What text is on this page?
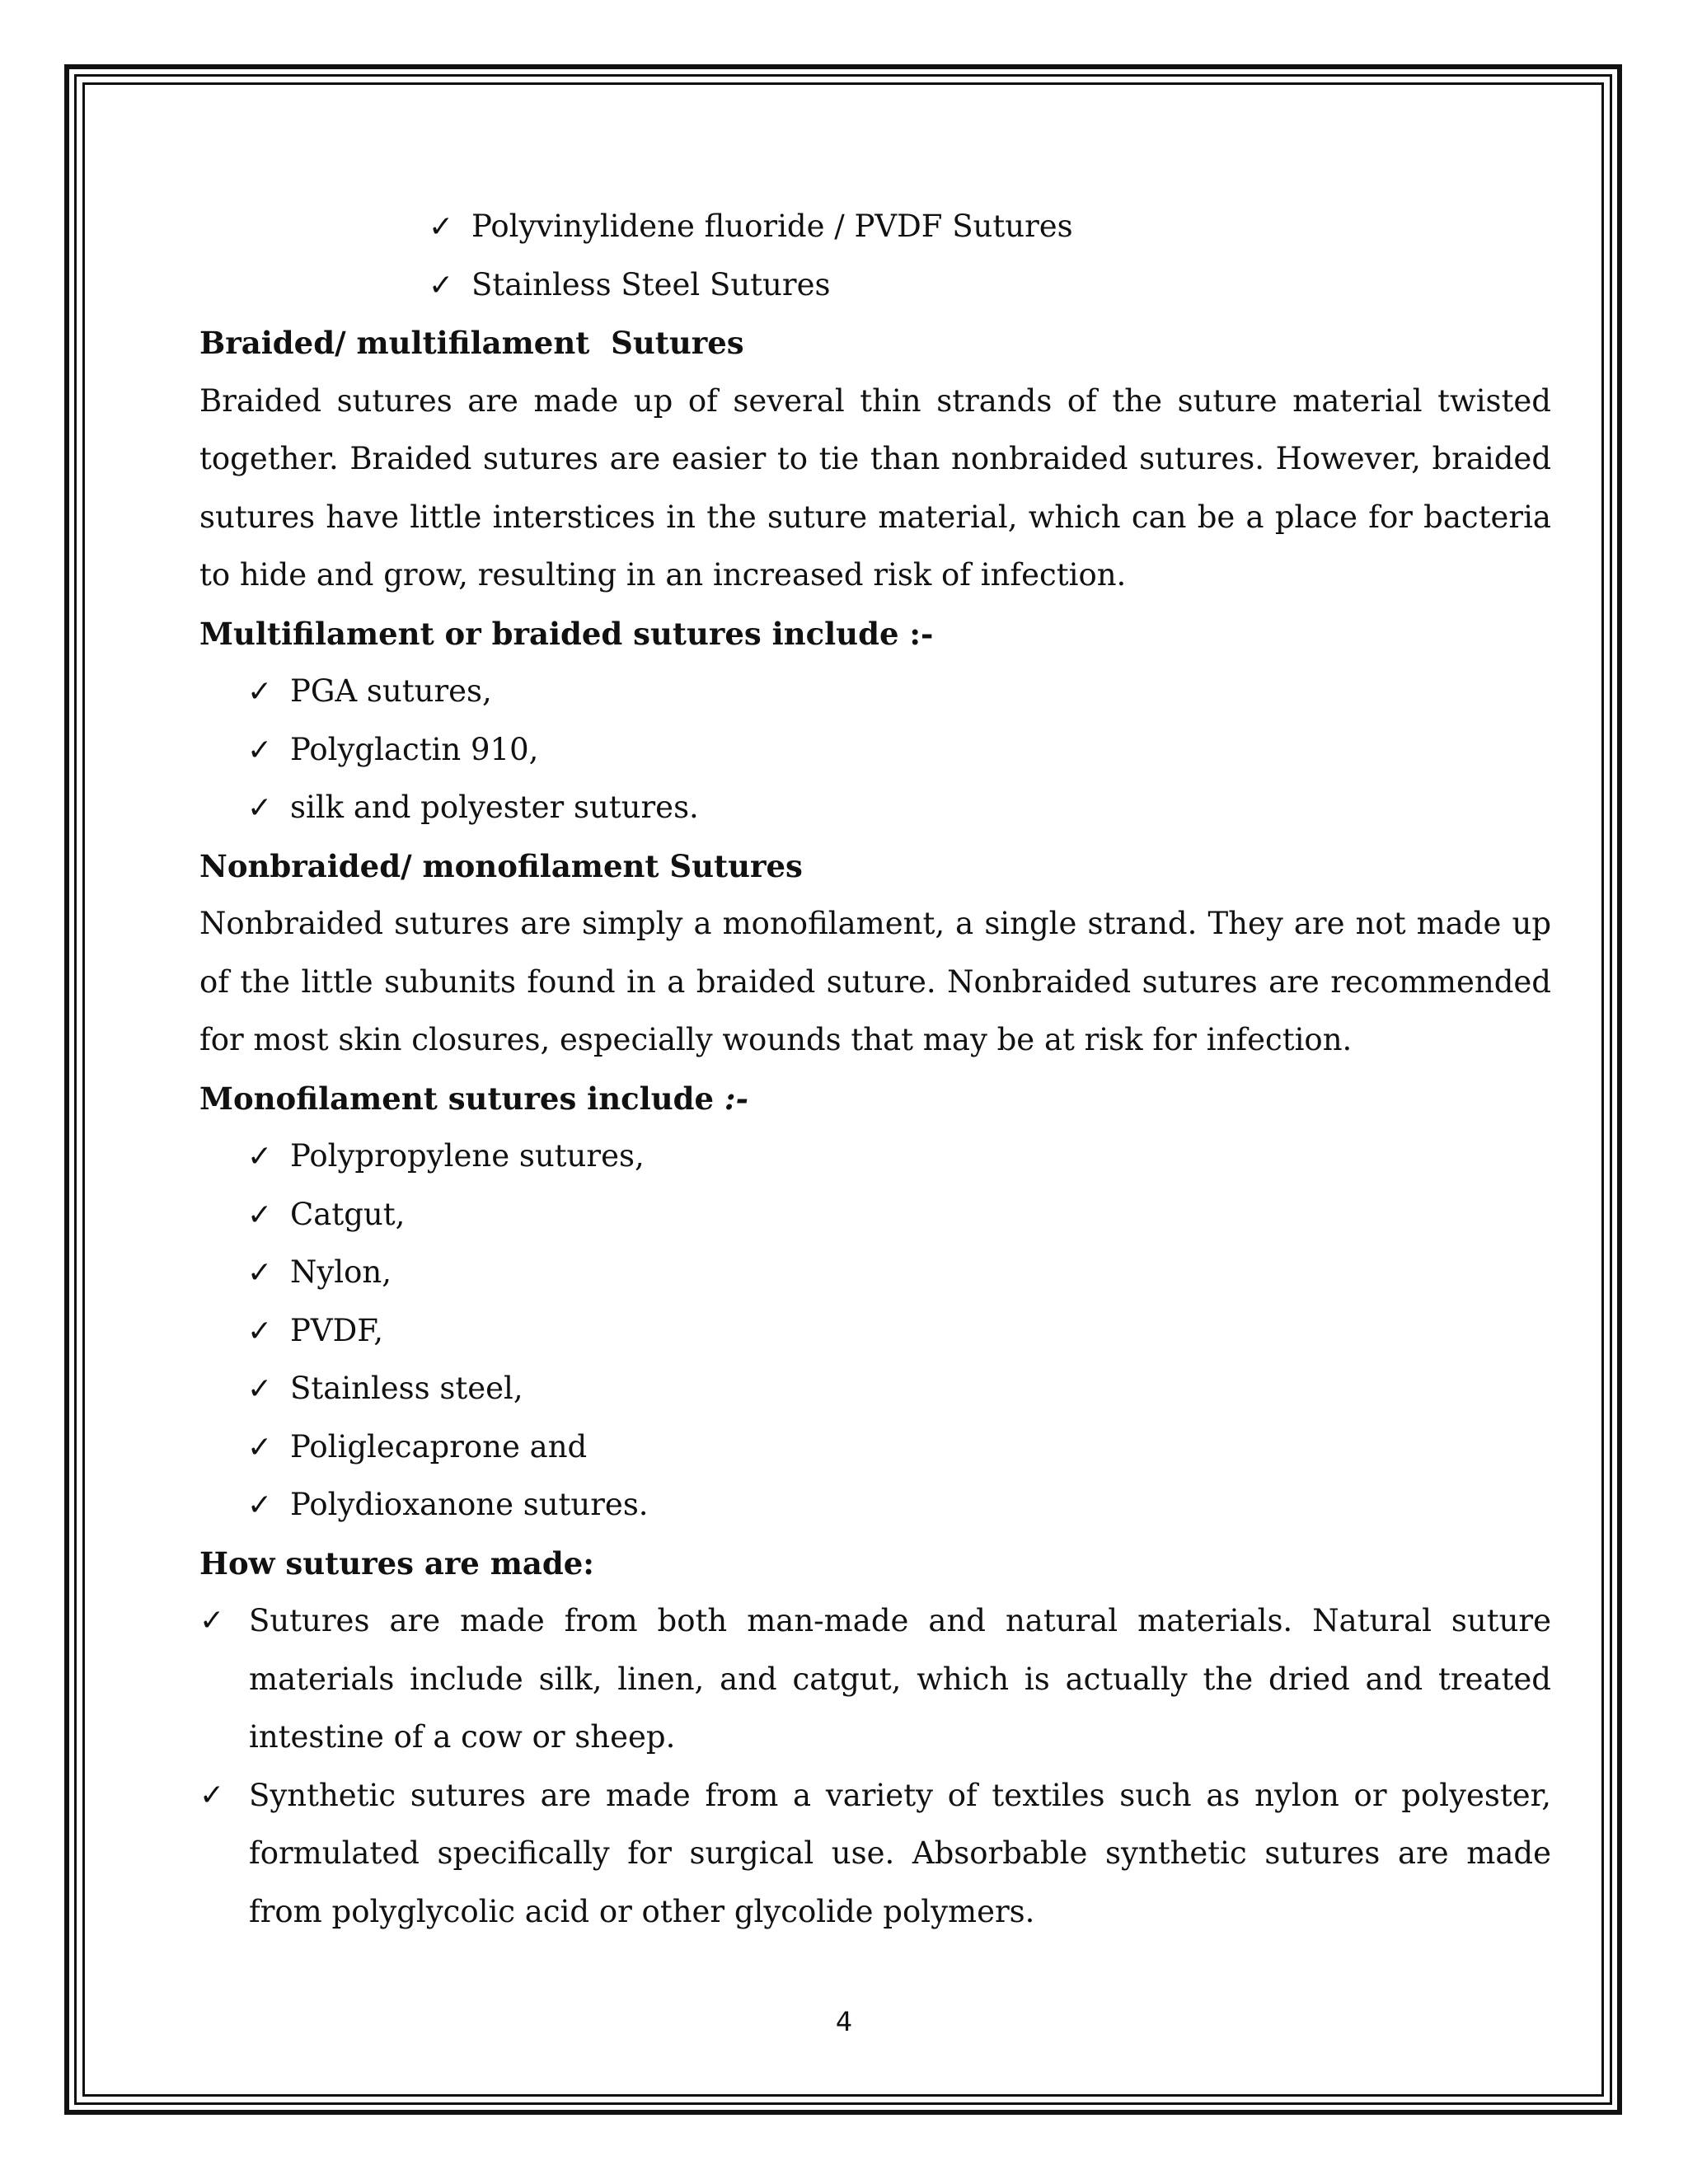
✓ Polyvinylidene fluoride / PVDF Sutures
✓ Stainless Steel Sutures
Braided/ multifilament  Sutures
Braided sutures are made up of several thin strands of the suture material twisted together. Braided sutures are easier to tie than nonbraided sutures. However, braided sutures have little interstices in the suture material, which can be a place for bacteria to hide and grow, resulting in an increased risk of infection.
Multifilament or braided sutures include :-
✓ PGA sutures,
✓ Polyglactin 910,
✓ silk and polyester sutures.
Nonbraided/ monofilament Sutures
Nonbraided sutures are simply a monofilament, a single strand. They are not made up of the little subunits found in a braided suture. Nonbraided sutures are recommended for most skin closures, especially wounds that may be at risk for infection.
Monofilament sutures include :-
✓ Polypropylene sutures,
✓ Catgut,
✓ Nylon,
✓ PVDF,
✓ Stainless steel,
✓ Poliglecaprone and
✓ Polydioxanone sutures.
How sutures are made:
✓ Sutures are made from both man-made and natural materials. Natural suture materials include silk, linen, and catgut, which is actually the dried and treated intestine of a cow or sheep.
✓ Synthetic sutures are made from a variety of textiles such as nylon or polyester, formulated specifically for surgical use. Absorbable synthetic sutures are made from polyglycolic acid or other glycolide polymers.
4
